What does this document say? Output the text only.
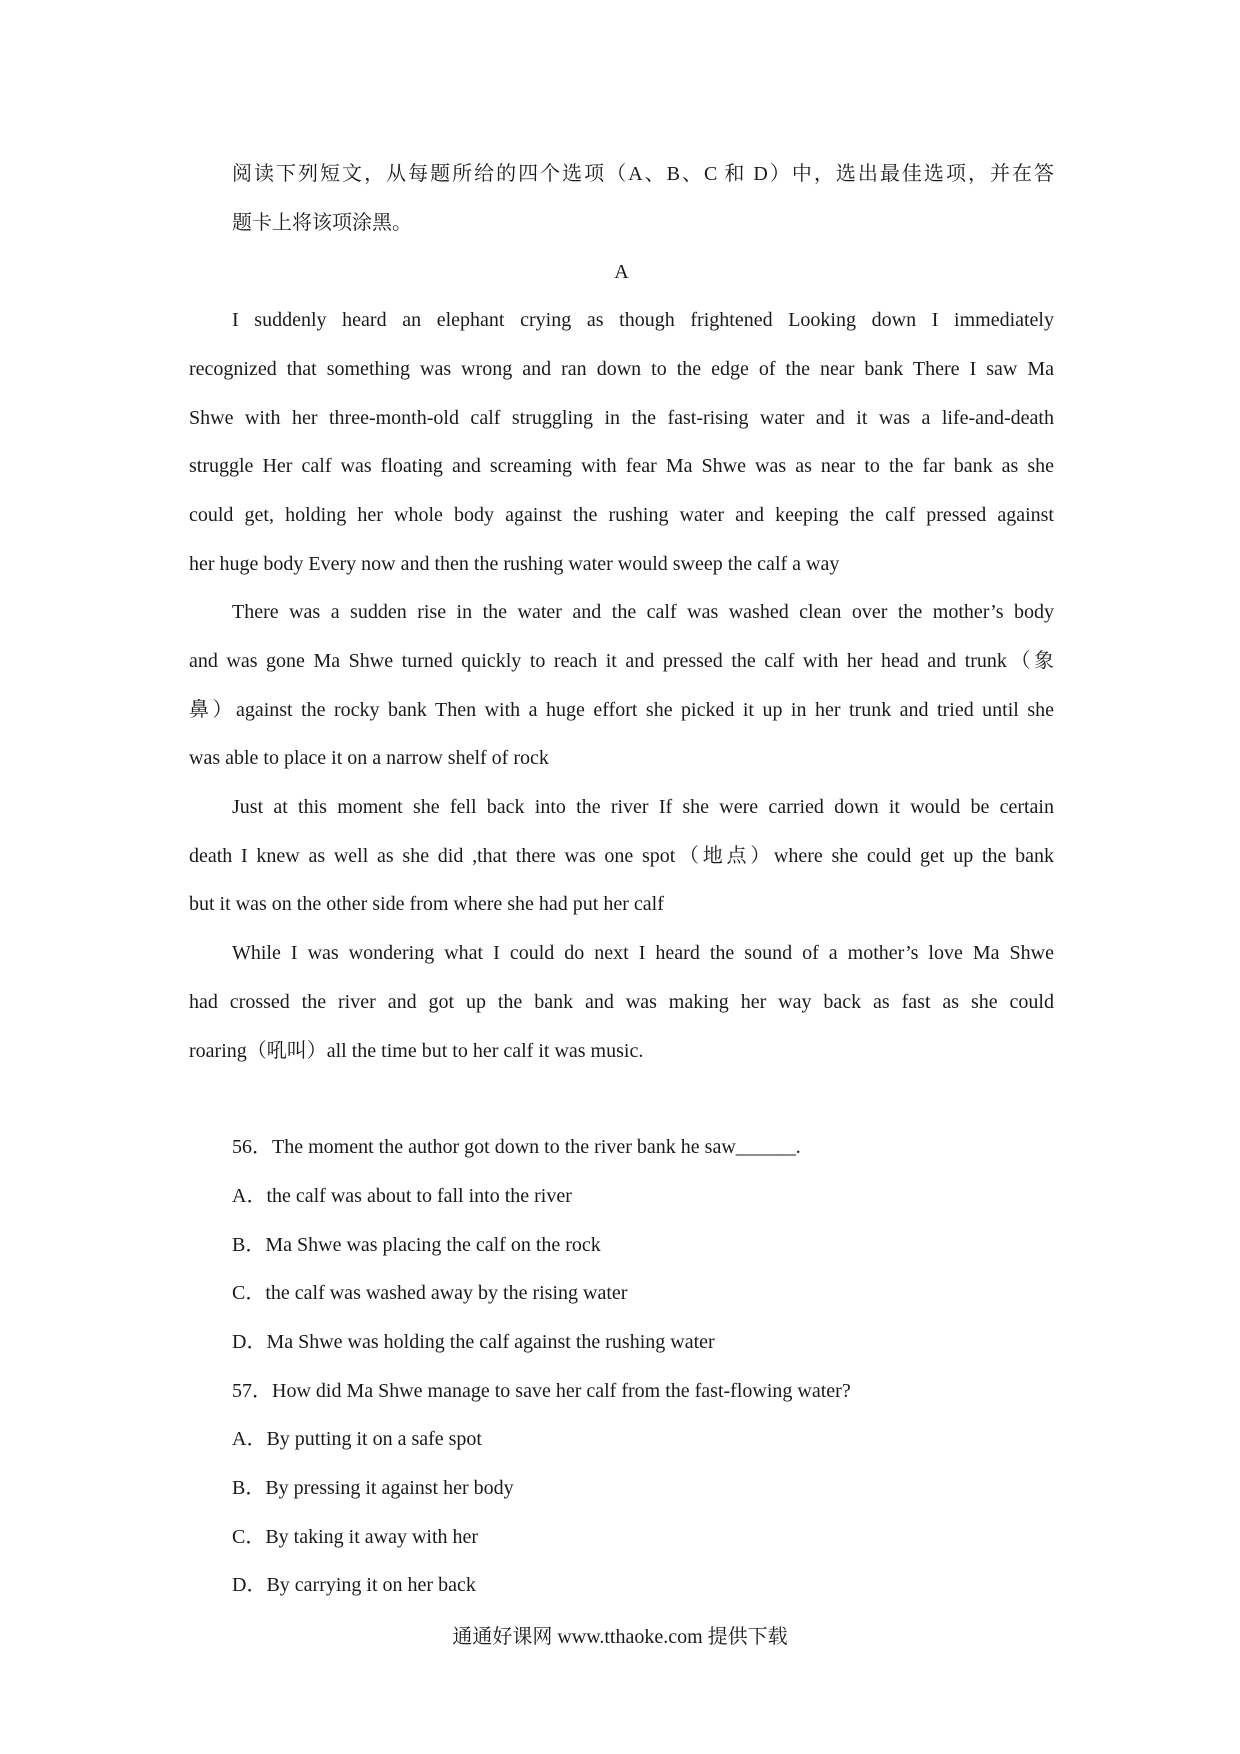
阅读下列短文，从每题所给的四个选项（A、B、C 和 D）中，选出最佳选项，并在答
题卡上将该项涂黑。
A
I suddenly heard an elephant crying as though frightened Looking down I immediately
recognized that something was wrong and ran down to the edge of the near bank There I saw Ma
Shwe with her three-month-old calf struggling in the fast-rising water and it was a life-and-death
struggle Her calf was floating and screaming with fear Ma Shwe was as near to the far bank as she
could get, holding her whole body against the rushing water and keeping the calf pressed against
her huge body Every now and then the rushing water would sweep the calf a way
There was a sudden rise in the water and the calf was washed clean over the mother’s body
and was gone Ma Shwe turned quickly to reach it and pressed the calf with her head and trunk（象
鼻）against the rocky bank Then with a huge effort she picked it up in her trunk and tried until she
was able to place it on a narrow shelf of rock
Just at this moment she fell back into the river If she were carried down it would be certain
death I knew as well as she did ,that there was one spot（地点）where she could get up the bank
but it was on the other side from where she had put her calf
While I was wondering what I could do next I heard the sound of a mother’s love Ma Shwe
had crossed the river and got up the bank and was making her way back as fast as she could
roaring（吼叫）all the time but to her calf it was music.
56．The moment the author got down to the river bank he saw______.
A．the calf was about to fall into the river
B．Ma Shwe was placing the calf on the rock
C．the calf was washed away by the rising water
D．Ma Shwe was holding the calf against the rushing water
57．How did Ma Shwe manage to save her calf from the fast-flowing water?
A．By putting it on a safe spot
B．By pressing it against her body
C．By taking it away with her
D．By carrying it on her back
通通好课网 www.tthaoke.com 提供下载
